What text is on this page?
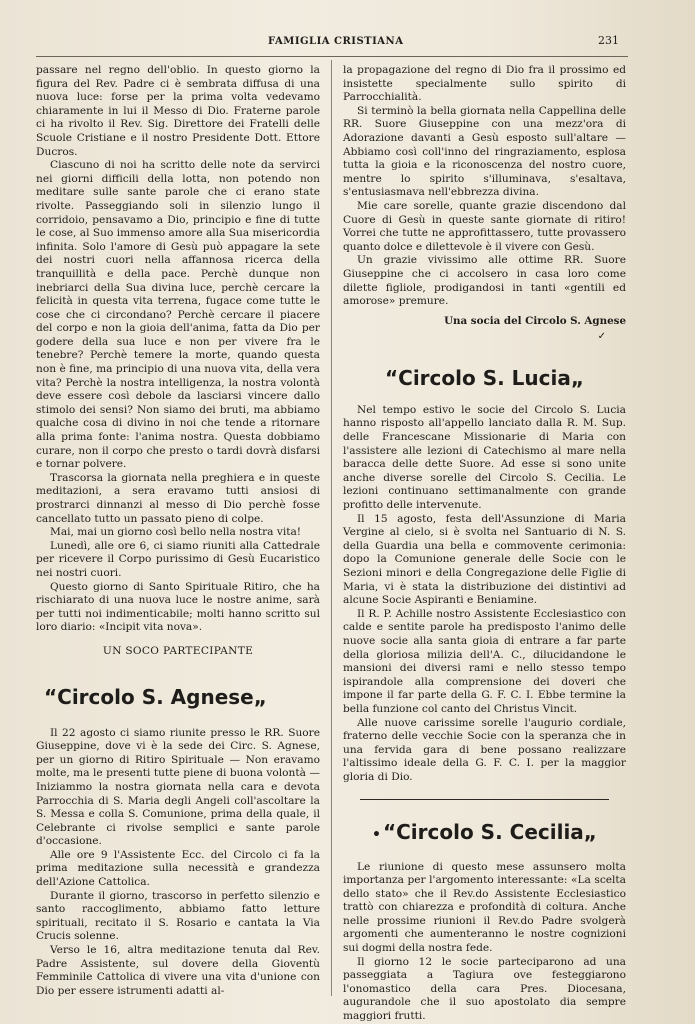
FAMIGLIA CRISTIANA	231

passare nel regno dell'oblio. In questo giorno la figura del Rev. Padre ci è sembrata diffusa di una nuova luce: forse per la prima volta vedevamo chiaramente in lui il Messo di Dio. Fraterne parole ci ha rivolto il Rev. Sig. Direttore dei Fratelli delle Scuole Cristiane e il nostro Presidente Dott. Ettore Ducros.

Ciascuno di noi ha scritto delle note da servirci nei giorni difficili della lotta, non potendo non meditare sulle sante parole che ci erano state rivolte. Passeggiando soli in silenzio lungo il corridoio, pensavamo a Dio, principio e fine di tutte le cose, al Suo immenso amore alla Sua misericordia infinita. Solo l'amore di Gesù può appagare la sete dei nostri cuori nella affannosa ricerca della tranquillità e della pace. Perchè dunque non inebriarci della Sua divina luce, perchè cercare la felicità in questa vita terrena, fugace come tutte le cose che ci circondano? Perchè cercare il piacere del corpo e non la gioia dell'anima, fatta da Dio per godere della sua luce e non per vivere fra le tenebre? Perchè temere la morte, quando questa non è fine, ma principio di una nuova vita, della vera vita? Perchè la nostra intelligenza, la nostra volontà deve essere così debole da lasciarsi vincere dallo stimolo dei sensi? Non siamo dei bruti, ma abbiamo qualche cosa di divino in noi che tende a ritornare alla prima fonte: l'anima nostra. Questa dobbiamo curare, non il corpo che presto o tardi dovrà disfarsi e tornar polvere.

Trascorsa la giornata nella preghiera e in queste meditazioni, a sera eravamo tutti ansiosi di prostrarci dinnanzi al messo di Dio perchè fosse cancellato tutto un passato pieno di colpe.

Mai, mai un giorno così bello nella nostra vita!

Lunedì, alle ore 6, ci siamo riuniti alla Cattedrale per ricevere il Corpo purissimo di Gesù Eucaristico nei nostri cuori.

Questo giorno di Santo Spirituale Ritiro, che ha rischiarato di una nuova luce le nostre anime, sarà per tutti noi indimenticabile; molti hanno scritto sul loro diario: «Incipit vita nova».

UN SOCO PARTECIPANTE

“Circolo S. Agnese„

Il 22 agosto ci siamo riunite presso le RR. Suore Giuseppine, dove vi è la sede dei Circ. S. Agnese, per un giorno di Ritiro Spirituale — Non eravamo molte, ma le presenti tutte piene di buona volontà — Iniziammo la nostra giornata nella cara e devota Parrocchia di S. Maria degli Angeli coll'ascoltare la S. Messa e colla S. Comunione, prima della quale, il Celebrante ci rivolse semplici e sante parole d'occasione.

Alle ore 9 l'Assistente Ecc. del Circolo ci fa la prima meditazione sulla necessità e grandezza dell'Azione Cattolica.

Durante il giorno, trascorso in perfetto silenzio e santo raccoglimento, abbiamo fatto letture spirituali, recitato il S. Rosario e cantata la Via Crucis solenne.

Verso le 16, altra meditazione tenuta dal Rev. Padre Assistente, sul dovere della Gioventù Femminile Cattolica di vivere una vita d'unione con Dio per essere istrumenti adatti al-

la propagazione del regno di Dio fra il prossimo ed insistette specialmente sullo spirito di Parrocchialità.

Si terminò la bella giornata nella Cappellina delle RR. Suore Giuseppine con una mezz'ora di Adorazione davanti a Gesù esposto sull'altare — Abbiamo così coll'inno del ringraziamento, esplosa tutta la gioia e la riconoscenza del nostro cuore, mentre lo spirito s'illuminava, s'esaltava, s'entusiasmava nell'ebbrezza divina.

Mie care sorelle, quante grazie discendono dal Cuore di Gesù in queste sante giornate di ritiro! Vorrei che tutte ne approfittassero, tutte provassero quanto dolce e dilettevole è il vivere con Gesù.

Un grazie vivissimo alle ottime RR. Suore Giuseppine che ci accolsero in casa loro come dilette figliole, prodigandosi in tanti «gentili ed amorose» premure.

Una socia del Circolo S. Agnese

✓

“Circolo S. Lucia„

Nel tempo estivo le socie del Circolo S. Lucia hanno risposto all'appello lanciato dalla R. M. Sup. delle Francescane Missionarie di Maria con l'assistere alle lezioni di Catechismo al mare nella baracca delle dette Suore. Ad esse si sono unite anche diverse sorelle del Circolo S. Cecilia. Le lezioni continuano settimanalmente con grande profitto delle intervenute.

Il 15 agosto, festa dell'Assunzione di Maria Vergine al cielo, si è svolta nel Santuario di N. S. della Guardia una bella e commovente cerimonia: dopo la Comunione generale delle Socie con le Sezioni minori e della Congregazione delle Figlie di Maria, vi è stata la distribuzione dei distintivi ad alcune Socie Aspiranti e Beniamine.

Il R. P. Achille nostro Assistente Ecclesiastico con calde e sentite parole ha predisposto l'animo delle nuove socie alla santa gioia di entrare a far parte della gloriosa milizia dell'A. C., dilucidandone le mansioni dei diversi rami e nello stesso tempo ispirandole alla comprensione dei doveri che impone il far parte della G. F. C. I. Ebbe termine la bella funzione col canto del Christus Vincit.

Alle nuove carissime sorelle l'augurio cordiale, fraterno delle vecchie Socie con la speranza che in una fervida gara di bene possano realizzare l'altissimo ideale della G. F. C. I. per la maggior gloria di Dio.

• “Circolo S. Cecilia„

Le riunione di questo mese assunsero molta importanza per l'argomento interessante: «La scelta dello stato» che il Rev.do Assistente Ecclesiastico trattò con chiarezza e profondità di coltura. Anche nelle prossime riunioni il Rev.do Padre svolgerà argomenti che aumenteranno le nostre cognizioni sui dogmi della nostra fede.

Il giorno 12 le socie parteciparono ad una passeggiata a Tagiura ove festeggiarono l'onomastico della cara Pres. Diocesana, augurandole che il suo apostolato dia sempre maggiori frutti.
